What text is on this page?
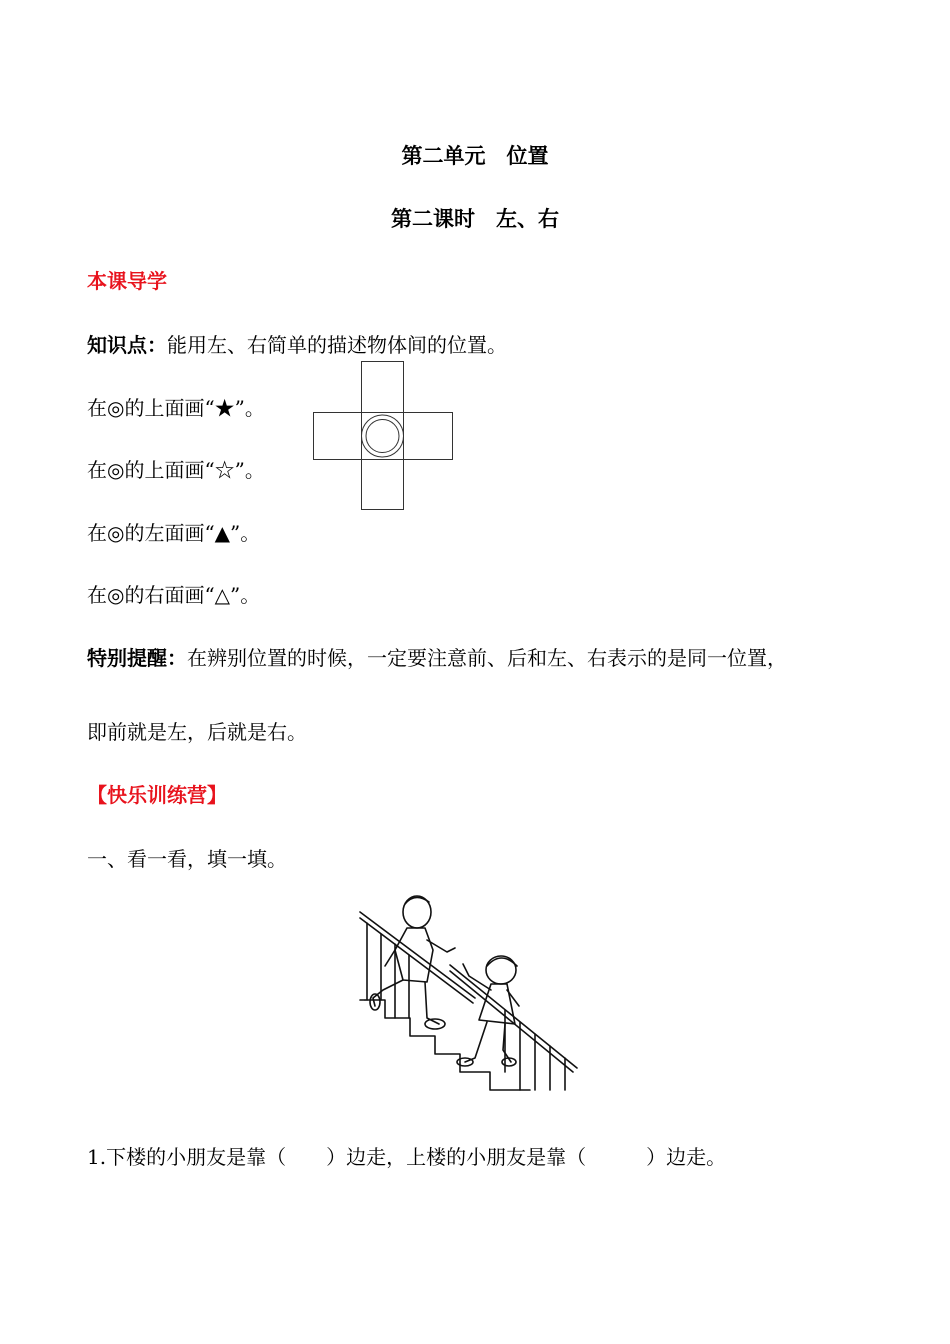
第二单元　位置
第二课时　左、右
本课导学
知识点：能用左、右简单的描述物体间的位置。
在◎的上面画“★”。
在◎的上面画“☆”。
在◎的左面画“▲”。
在◎的右面画“△”。
特别提醒：在辨别位置的时候，一定要注意前、后和左、右表示的是同一位置，
即前就是左，后就是右。
【快乐训练营】
一、看一看，填一填。
1.下楼的小朋友是靠（　　）边走，上楼的小朋友是靠（　　　）边走。
